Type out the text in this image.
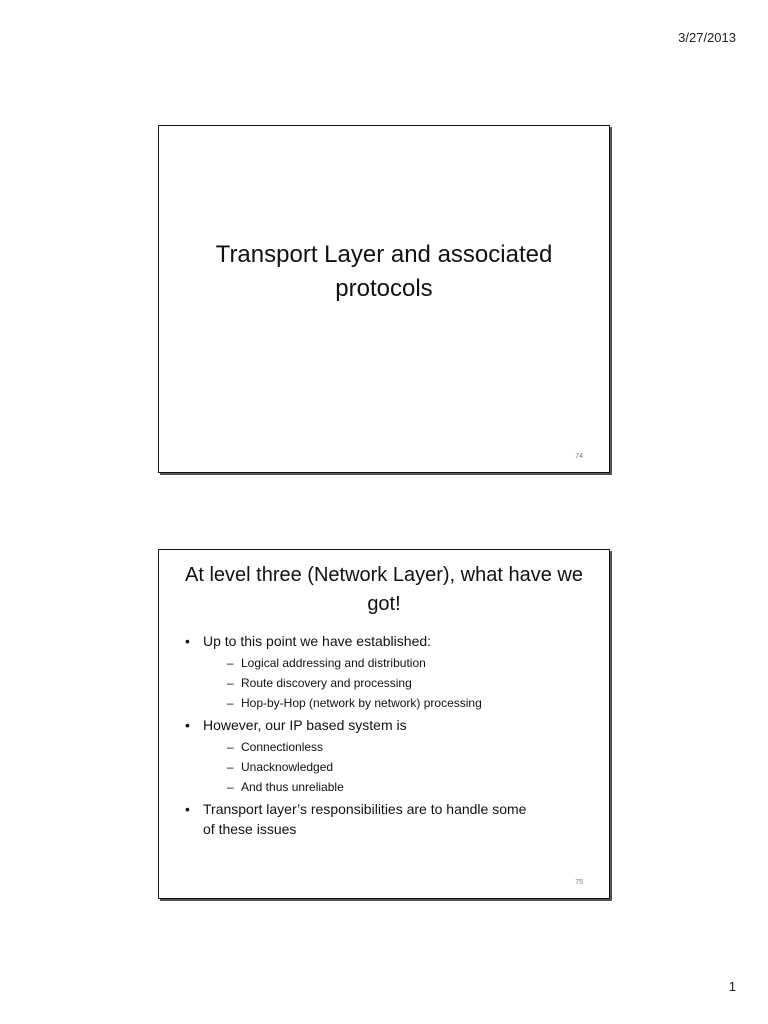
3/27/2013
Transport Layer and associated
protocols
74
At level three (Network Layer), what have we
got!
• Up to this point we have established:
– Logical addressing and distribution
– Route discovery and processing
– Hop-by-Hop (network by network) processing
• However, our IP based system is
– Connectionless
– Unacknowledged
– And thus unreliable
• Transport layer’s responsibilities are to handle some
of these issues
75
1
